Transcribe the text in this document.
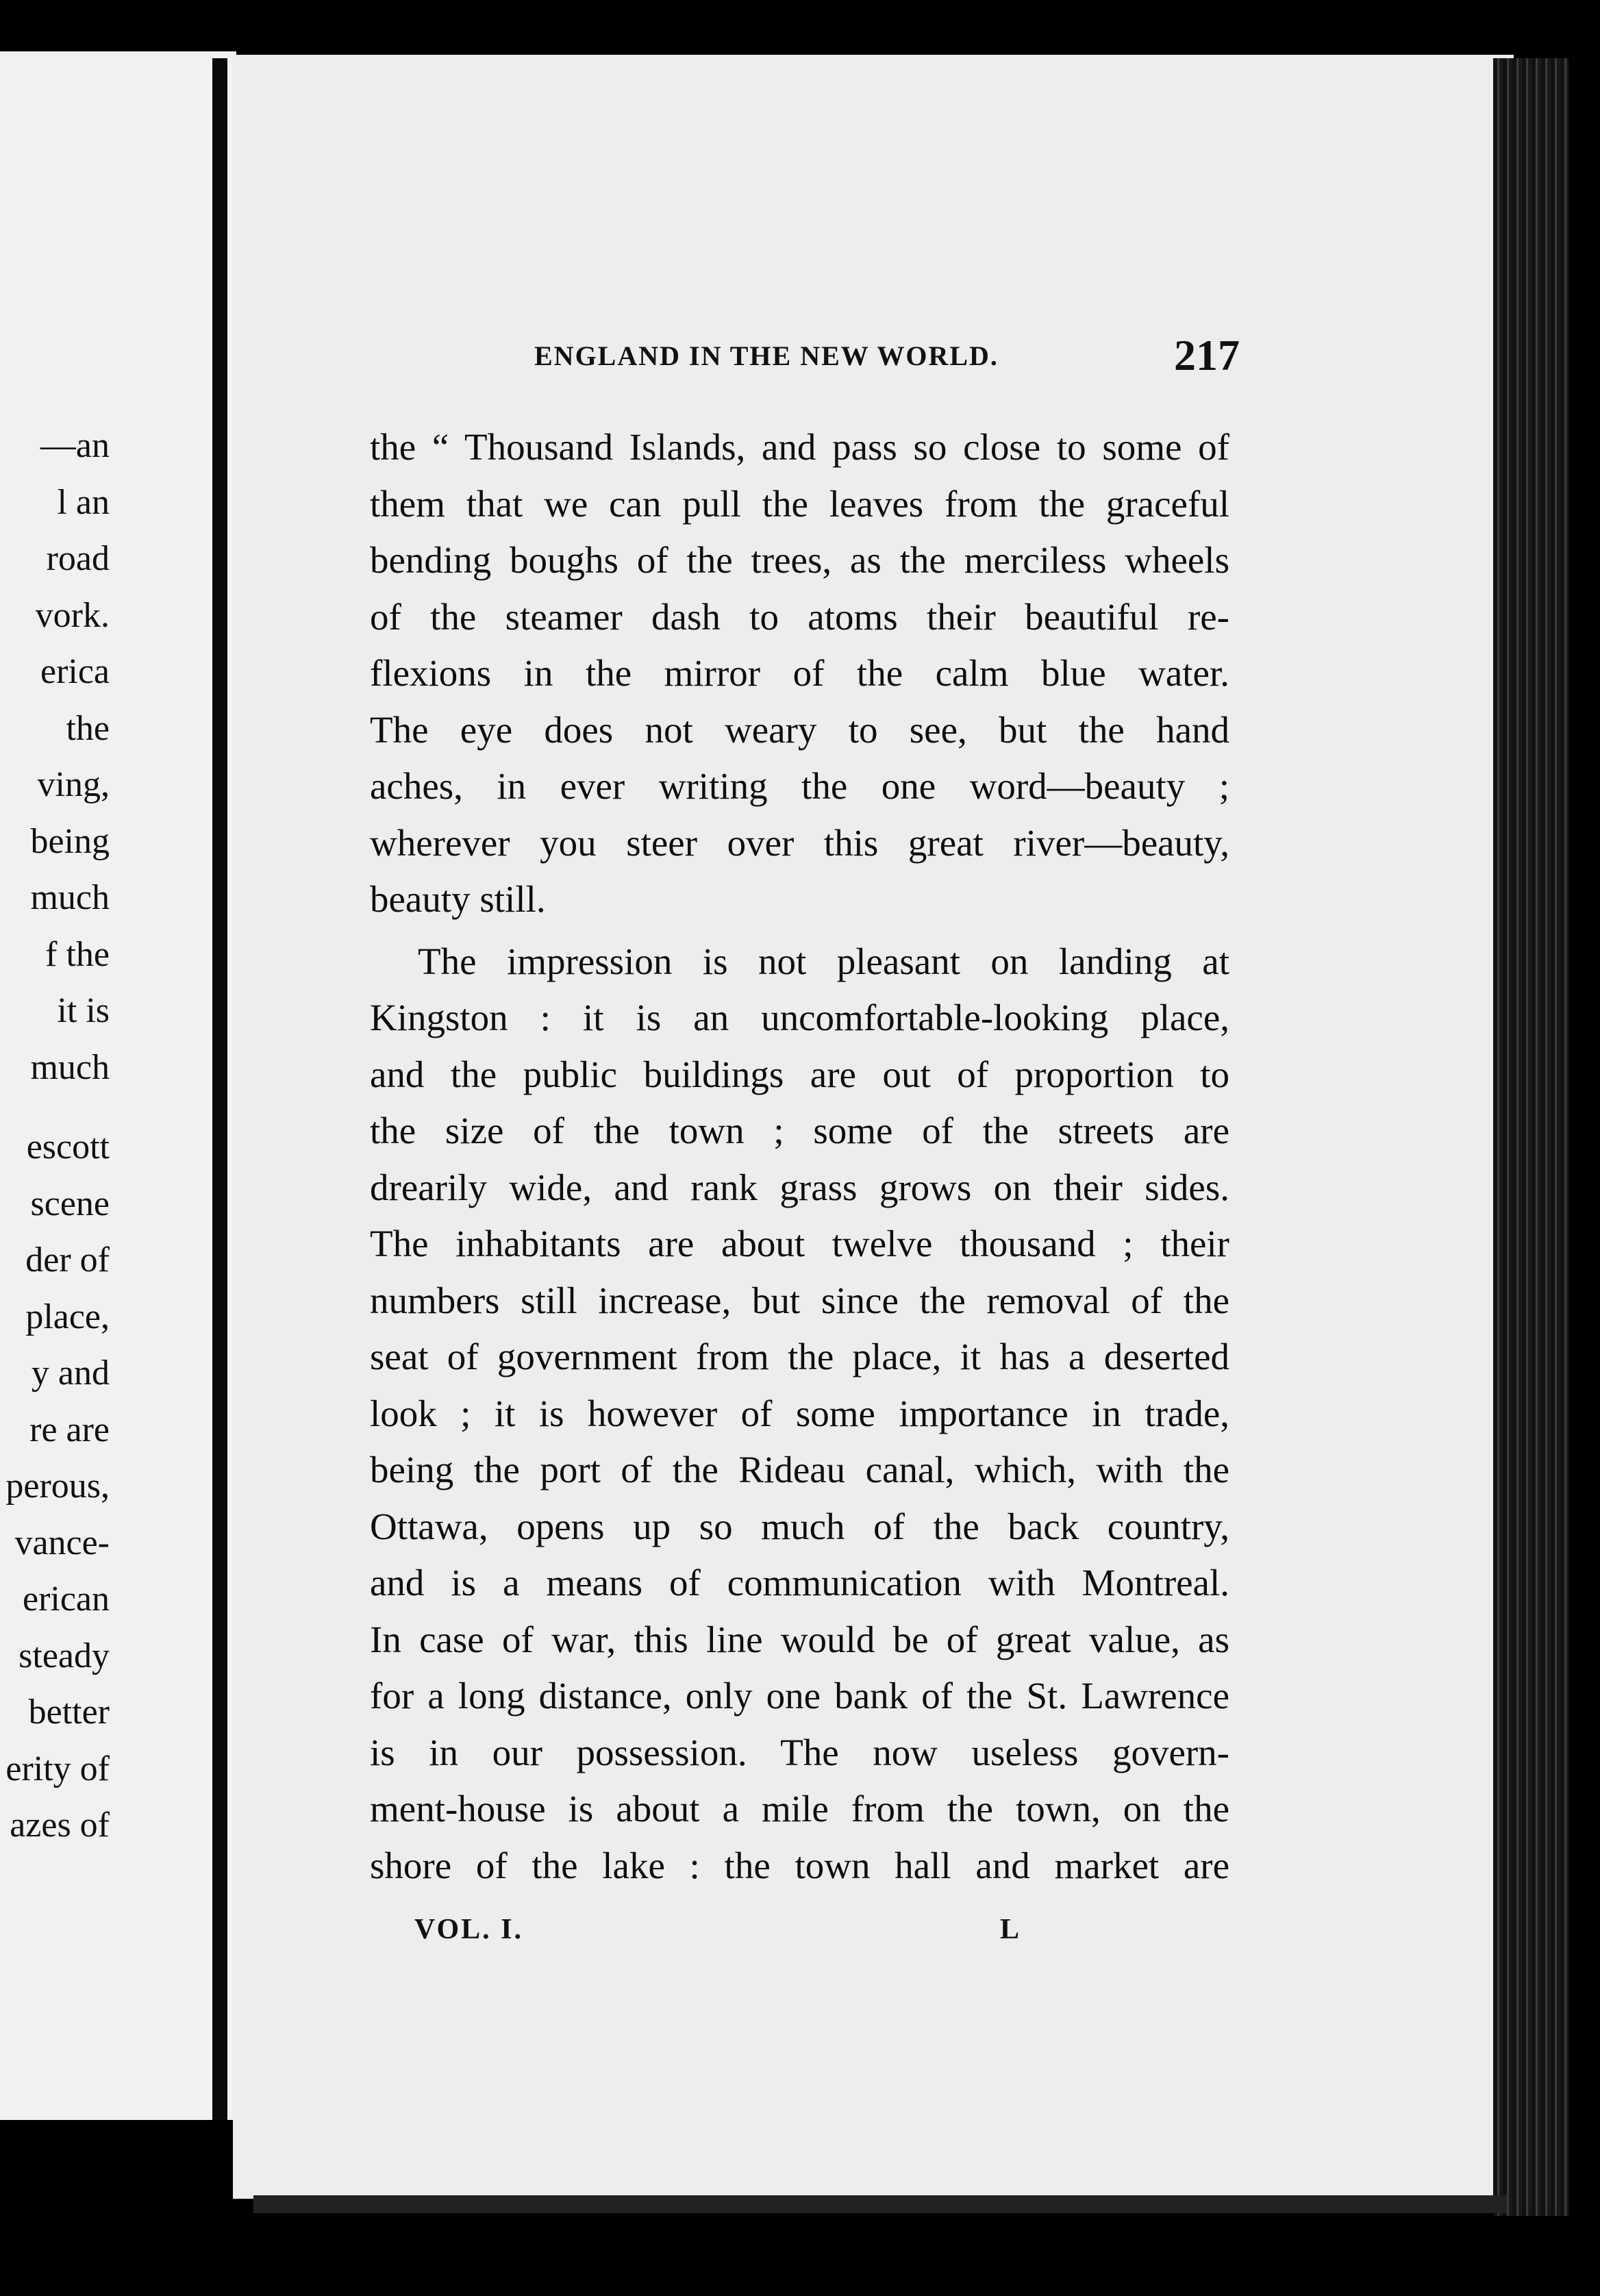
—an
l an
road
vork.
erica
the
ving,
being
much
f the
it is
much
escott
scene
der of
place,
y and
re are
perous,
vance-
erican
steady
better
erity of
azes of
ENGLAND IN THE NEW WORLD.	217
the “ Thousand Islands, and pass so close to some of
them that we can pull the leaves from the graceful
bending boughs of the trees, as the merciless wheels
of the steamer dash to atoms their beautiful re-
flexions in the mirror of the calm blue water.
The eye does not weary to see, but the hand
aches, in ever writing the one word—beauty ;
wherever you steer over this great river—beauty,
beauty still.
The impression is not pleasant on landing at
Kingston : it is an uncomfortable-looking place,
and the public buildings are out of proportion to
the size of the town ; some of the streets are
drearily wide, and rank grass grows on their sides.
The inhabitants are about twelve thousand ; their
numbers still increase, but since the removal of the
seat of government from the place, it has a deserted
look ; it is however of some importance in trade,
being the port of the Rideau canal, which, with the
Ottawa, opens up so much of the back country,
and is a means of communication with Montreal.
In case of war, this line would be of great value, as
for a long distance, only one bank of the St. Lawrence
is in our possession. The now useless govern-
ment-house is about a mile from the town, on the
shore of the lake : the town hall and market are
VOL. I.	L
